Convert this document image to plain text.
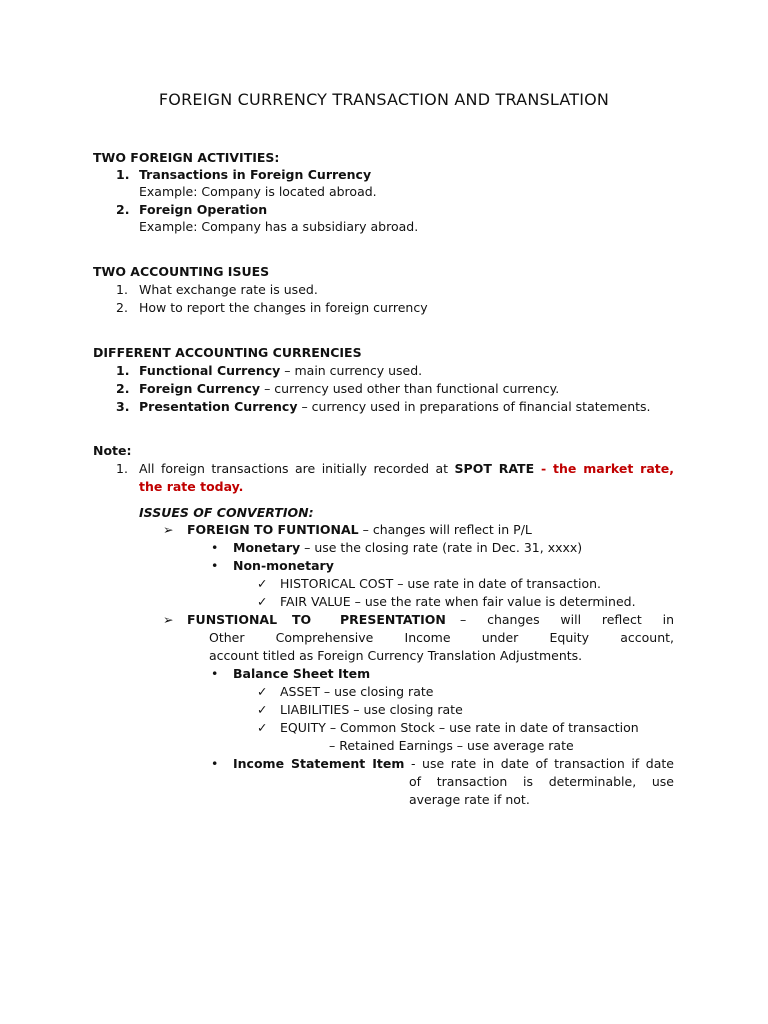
FOREIGN CURRENCY TRANSACTION AND TRANSLATION
TWO FOREIGN ACTIVITIES:
1. Transactions in Foreign Currency
Example: Company is located abroad.
2. Foreign Operation
Example: Company has a subsidiary abroad.
TWO ACCOUNTING ISUES
1. What exchange rate is used.
2. How to report the changes in foreign currency
DIFFERENT ACCOUNTING CURRENCIES
1. Functional Currency – main currency used.
2. Foreign Currency – currency used other than functional currency.
3. Presentation Currency – currency used in preparations of financial statements.
Note:
1. All foreign transactions are initially recorded at SPOT RATE - the market rate,
the rate today.
ISSUES OF CONVERTION:
➢ FOREIGN TO FUNTIONAL – changes will reflect in P/L
• Monetary – use the closing rate (rate in Dec. 31, xxxx)
• Non-monetary
✓ HISTORICAL COST – use rate in date of transaction.
✓ FAIR VALUE – use the rate when fair value is determined.
➢ FUNSTIONAL TO PRESENTATION – changes will reflect in
Other Comprehensive Income under Equity account,
account titled as Foreign Currency Translation Adjustments.
• Balance Sheet Item
✓ ASSET – use closing rate
✓ LIABILITIES – use closing rate
✓ EQUITY – Common Stock – use rate in date of transaction
– Retained Earnings – use average rate
• Income Statement Item - use rate in date of transaction if date
of transaction is determinable, use
average rate if not.
